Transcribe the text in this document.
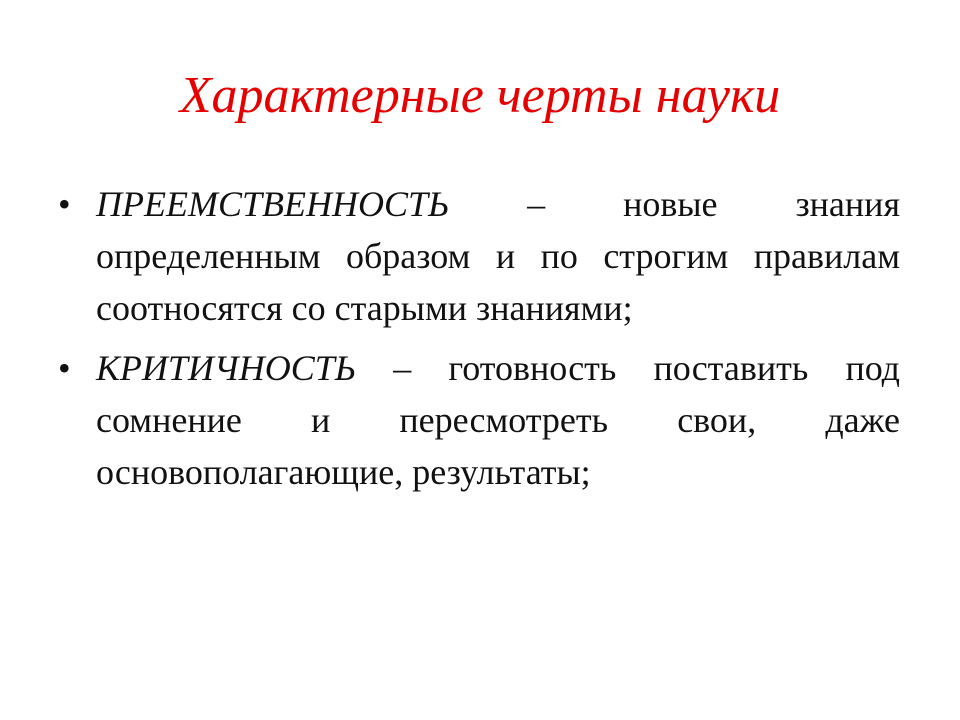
Характерные черты науки
• ПРЕЕМСТВЕННОСТЬ – новые знания определенным образом и по строгим правилам соотносятся со старыми знаниями;
• КРИТИЧНОСТЬ – готовность поставить под сомнение и пересмотреть свои, даже основополагающие, результаты;
